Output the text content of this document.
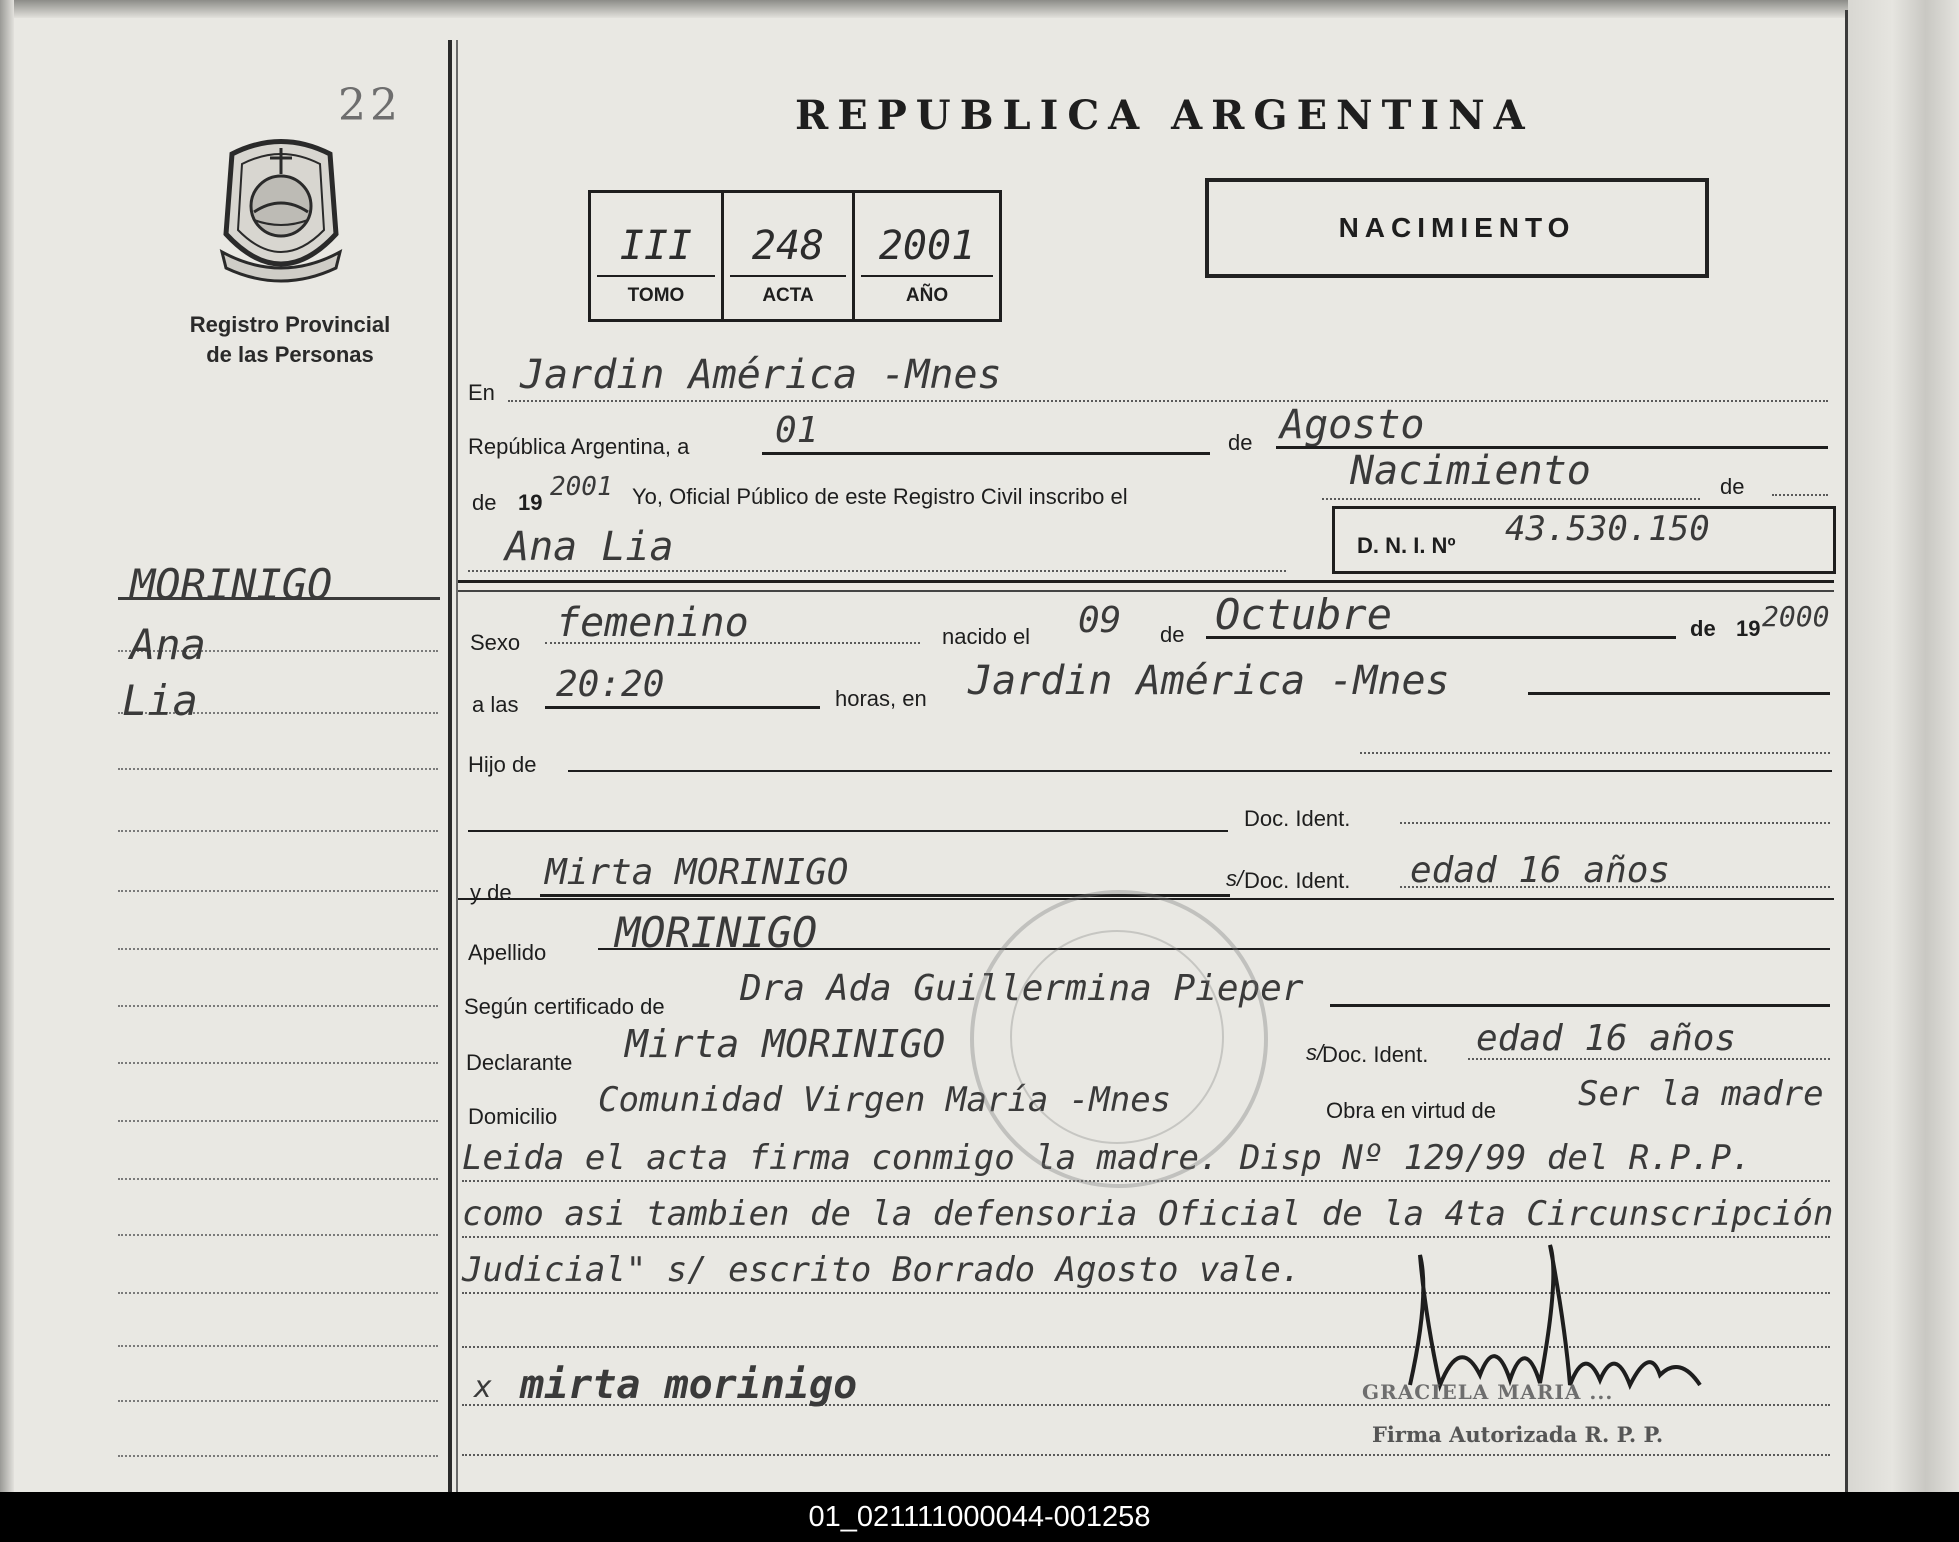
22
Registro Provincial
de las Personas
MORINIGO
Ana
Lia
REPUBLICA ARGENTINA
III
TOMO
248
ACTA
2001
AÑO
NACIMIENTO
En Jardin América -Mnes
República Argentina, a 01	de Agosto
de 19
2001 Yo, Oficial Público de este Registro Civil inscribo el
Nacimiento	de
Ana Lia	D. N. I. Nº 43.530.150
Sexo femenino	nacido el 09 de Octubre	de 19 2000
a las 20:20	horas, en Jardin América -Mnes
Hijo de
Doc. Ident.
y de Mirta MORINIGO	s/ Doc. Ident. edad 16 años
Apellido MORINIGO
Según certificado de Dra Ada Guillermina Pieper
Declarante Mirta MORINIGO	s/
Doc. Ident. edad 16 años
Domicilio Comunidad Virgen María -Mnes	Obra en virtud de Ser la madre
Leida el acta firma conmigo la madre. Disp Nº 129/99 del R.P.P.
como asi tambien de la defensoria Oficial de la 4ta Circunscripción
Judicial" s/ escrito Borrado Agosto vale.
x mirta morinigo	GRACIELA MARIA ...
Firma Autorizada R. P. P.
01_021111000044-001258
